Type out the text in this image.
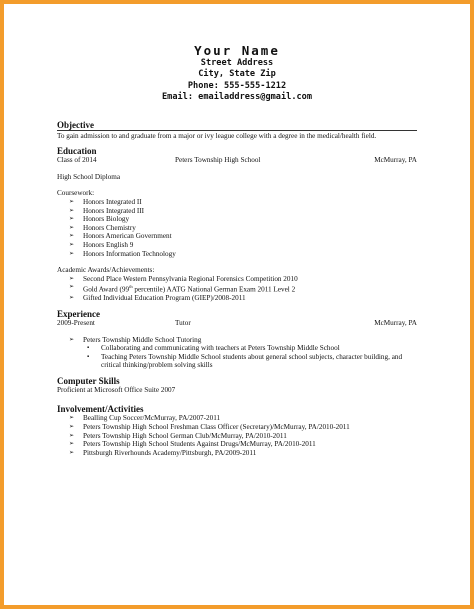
Your Name
Street Address
City, State Zip
Phone: 555-555-1212
Email: emailaddress@gmail.com
Objective
To gain admission to and graduate from a major or ivy league college with a degree in the medical/health field.
Education
Class of 2014	Peters Township High School	McMurray, PA
High School Diploma
Coursework:
➢ Honors Integrated II
➢ Honors Integrated III
➢ Honors Biology
➢ Honors Chemistry
➢ Honors American Government
➢ Honors English 9
➢ Honors Information Technology
Academic Awards/Achievements:
➢ Second Place Western Pennsylvania Regional Forensics Competition 2010
➢ Gold Award (99th percentile) AATG National German Exam 2011 Level 2
➢ Gifted Individual Education Program (GIEP)/2008-2011
Experience
2009-Present	Tutor	McMurray, PA
➢ Peters Township Middle School Tutoring
▪ Collaborating and communicating with teachers at Peters Township Middle School
▪ Teaching Peters Township Middle School students about general school subjects, character building, and critical thinking/problem solving skills
Computer Skills
Proficient at Microsoft Office Suite 2007
Involvement/Activities
➢ Bealling Cup Soccer/McMurray, PA/2007-2011
➢ Peters Township High School Freshman Class Officer (Secretary)/McMurray, PA/2010-2011
➢ Peters Township High School German Club/McMurray, PA/2010-2011
➢ Peters Township High School Students Against Drugs/McMurray, PA/2010-2011
➢ Pittsburgh Riverhounds Academy/Pittsburgh, PA/2009-2011
